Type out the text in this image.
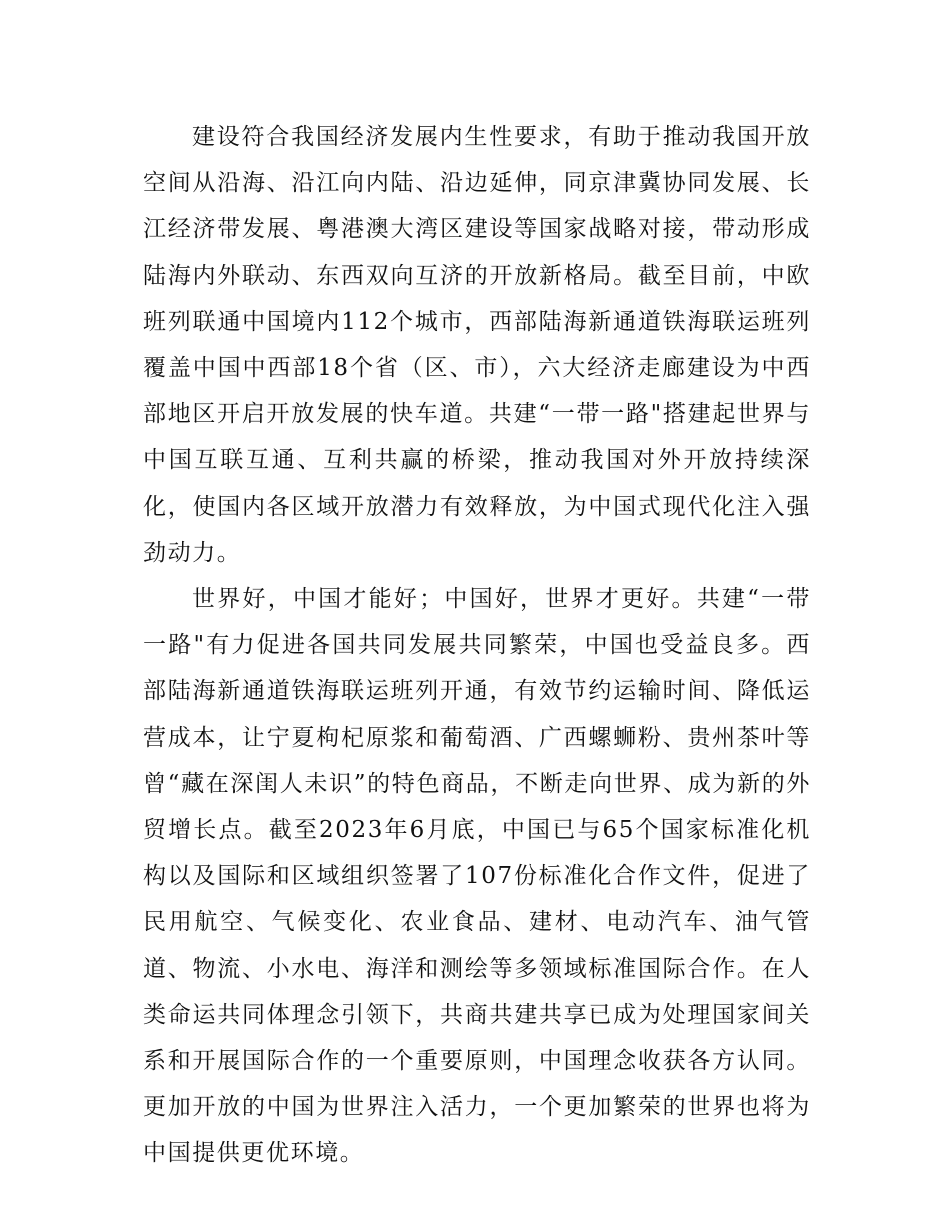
建设符合我国经济发展内生性要求，有助于推动我国开放空间从沿海、沿江向内陆、沿边延伸，同京津冀协同发展、长江经济带发展、粤港澳大湾区建设等国家战略对接，带动形成陆海内外联动、东西双向互济的开放新格局。截至目前，中欧班列联通中国境内112个城市，西部陆海新通道铁海联运班列覆盖中国中西部18个省（区、市），六大经济走廊建设为中西部地区开启开放发展的快车道。共建“一带一路"搭建起世界与中国互联互通、互利共赢的桥梁，推动我国对外开放持续深化，使国内各区域开放潜力有效释放，为中国式现代化注入强劲动力。

世界好，中国才能好；中国好，世界才更好。共建“一带一路"有力促进各国共同发展共同繁荣，中国也受益良多。西部陆海新通道铁海联运班列开通，有效节约运输时间、降低运营成本，让宁夏枸杞原浆和葡萄酒、广西螺蛳粉、贵州茶叶等曾“藏在深闺人未识”的特色商品，不断走向世界、成为新的外贸增长点。截至2023年6月底，中国已与65个国家标准化机构以及国际和区域组织签署了107份标准化合作文件，促进了民用航空、气候变化、农业食品、建材、电动汽车、油气管道、物流、小水电、海洋和测绘等多领域标准国际合作。在人类命运共同体理念引领下，共商共建共享已成为处理国家间关系和开展国际合作的一个重要原则，中国理念收获各方认同。更加开放的中国为世界注入活力，一个更加繁荣的世界也将为中国提供更优环境。
